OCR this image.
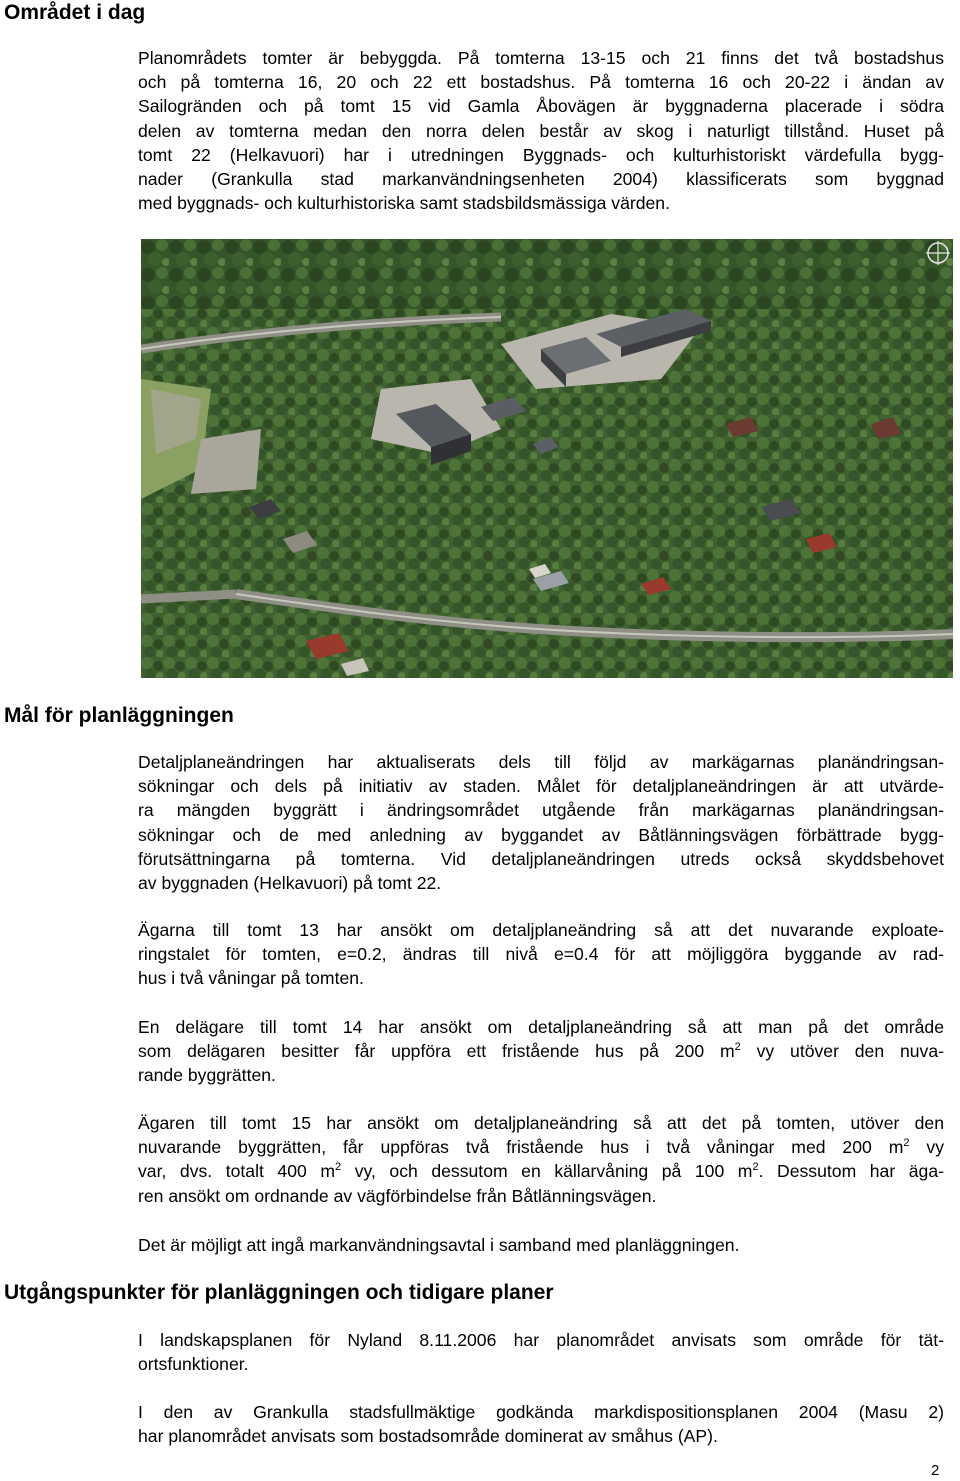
Området i dag
Planområdets tomter är bebyggda. På tomterna 13-15 och 21 finns det två bostadshus
och på tomterna 16, 20 och 22 ett bostadshus. På tomterna 16 och 20-22 i ändan av
Sailogränden och på tomt 15 vid Gamla Åbovägen är byggnaderna placerade i södra
delen av tomterna medan den norra delen består av skog i naturligt tillstånd. Huset på
tomt 22 (Helkavuori) har i utredningen Byggnads- och kulturhistoriskt värdefulla bygg-
nader (Grankulla stad markanvändningsenheten 2004) klassificerats som byggnad
med byggnads- och kulturhistoriska samt stadsbildsmässiga värden.
Mål för planläggningen
Detaljplaneändringen har aktualiserats dels till följd av markägarnas planändringsan-
sökningar och dels på initiativ av staden. Målet för detaljplaneändringen är att utvärde-
ra mängden byggrätt i ändringsområdet utgående från markägarnas planändringsan-
sökningar och de med anledning av byggandet av Båtlänningsvägen förbättrade bygg-
förutsättningarna på tomterna. Vid detaljplaneändringen utreds också skyddsbehovet
av byggnaden (Helkavuori) på tomt 22.
Ägarna till tomt 13 har ansökt om detaljplaneändring så att det nuvarande exploate-
ringstalet för tomten, e=0.2, ändras till nivå e=0.4 för att möjliggöra byggande av rad-
hus i två våningar på tomten.
En delägare till tomt 14 har ansökt om detaljplaneändring så att man på det område
som delägaren besitter får uppföra ett fristående hus på 200 $m^2$ vy utöver den nuva-
rande byggrätten.
Ägaren till tomt 15 har ansökt om detaljplaneändring så att det på tomten, utöver den
nuvarande byggrätten, får uppföras två fristående hus i två våningar med 200 $m^2$ vy
var, dvs. totalt 400 $m^2$ vy, och dessutom en källarvåning på 100 $m^2$. Dessutom har äga-
ren ansökt om ordnande av vägförbindelse från Båtlänningsvägen.

Det är möjligt att ingå markanvändningsavtal i samband med planläggningen.

Utgångspunkter för planläggningen och tidigare planer
I landskapsplanen för Nyland 8.11.2006 har planområdet anvisats som område för tät-
ortsfunktioner.
I den av Grankulla stadsfullmäktige godkända markdispositionsplanen 2004 (Masu 2)
har planområdet anvisats som bostadsområde dominerat av småhus (AP).
2
